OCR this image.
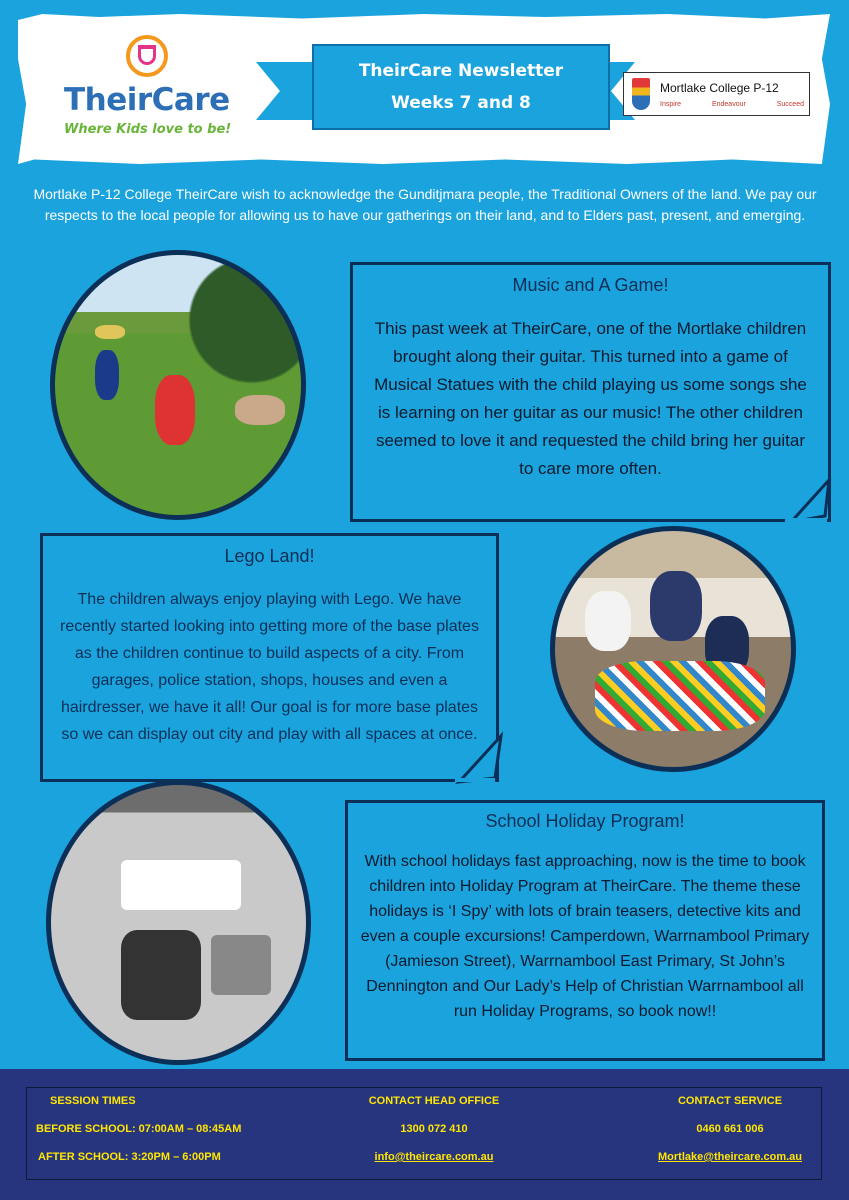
TheirCare
Where Kids love to be!
TheirCare Newsletter
Weeks 7 and 8
Mortlake College P-12
Inspire	Endeavour	Succeed
Mortlake P-12 College TheirCare wish to acknowledge the Gunditjmara people, the Traditional Owners of the land. We pay our respects to the local people for allowing us to have our gatherings on their land, and to Elders past, present, and emerging.
Music and A Game!
This past week at TheirCare, one of the Mortlake children brought along their guitar. This turned into a game of Musical Statues with the child playing us some songs she is learning on her guitar as our music! The other children seemed to love it and requested the child bring her guitar to care more often.
Lego Land!
The children always enjoy playing with Lego. We have recently started looking into getting more of the base plates as the children continue to build aspects of a city. From garages, police station, shops, houses and even a hairdresser, we have it all! Our goal is for more base plates so we can display out city and play with all spaces at once.
School Holiday Program!
With school holidays fast approaching, now is the time to book children into Holiday Program at TheirCare. The theme these holidays is ‘I Spy’ with lots of brain teasers, detective kits and even a couple excursions! Camperdown, Warrnambool Primary (Jamieson Street), Warrnambool East Primary, St John’s Dennington and Our Lady’s Help of Christian Warrnambool all run Holiday Programs, so book now!!
SESSION TIMES
BEFORE SCHOOL: 07:00AM – 08:45AM
AFTER SCHOOL: 3:20PM – 6:00PM
CONTACT HEAD OFFICE
1300 072 410
info@theircare.com.au
CONTACT SERVICE
0460 661 006
Mortlake@theircare.com.au
